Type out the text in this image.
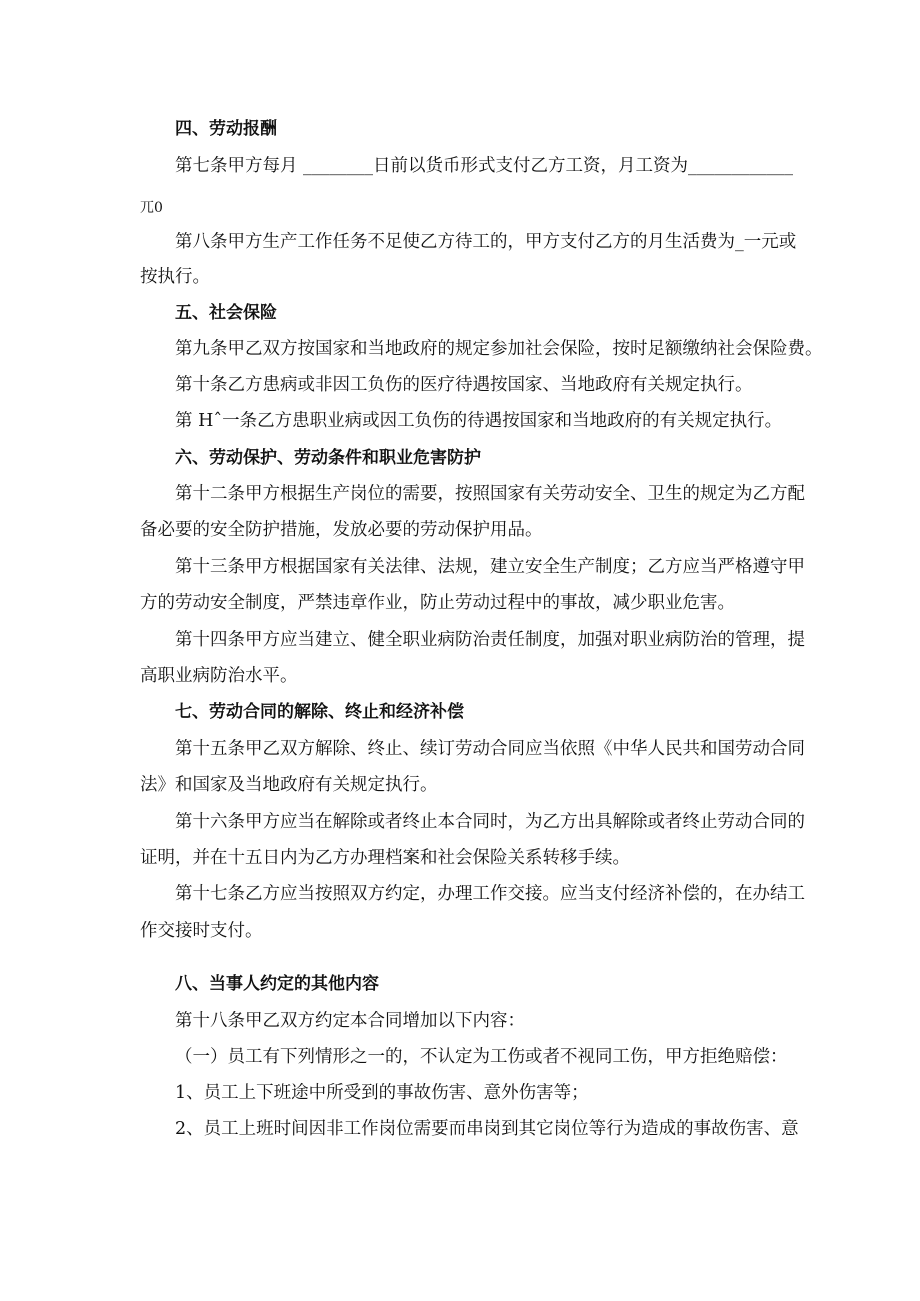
四、劳动报酬
第七条甲方每月 ________日前以货币形式支付乙方工资，月工资为____________
兀0
第八条甲方生产工作任务不足使乙方待工的，甲方支付乙方的月生活费为_一元或
按执行。
五、社会保险
第九条甲乙双方按国家和当地政府的规定参加社会保险，按时足额缴纳社会保险费。
第十条乙方患病或非因工负伤的医疗待遇按国家、当地政府有关规定执行。
第 Hˆ一条乙方患职业病或因工负伤的待遇按国家和当地政府的有关规定执行。
六、劳动保护、劳动条件和职业危害防护
第十二条甲方根据生产岗位的需要，按照国家有关劳动安全、卫生的规定为乙方配
备必要的安全防护措施，发放必要的劳动保护用品。
第十三条甲方根据国家有关法律、法规，建立安全生产制度；乙方应当严格遵守甲
方的劳动安全制度，严禁违章作业，防止劳动过程中的事故，减少职业危害。
第十四条甲方应当建立、健全职业病防治责任制度，加强对职业病防治的管理，提
高职业病防治水平。
七、劳动合同的解除、终止和经济补偿
第十五条甲乙双方解除、终止、续订劳动合同应当依照《中华人民共和国劳动合同
法》和国家及当地政府有关规定执行。
第十六条甲方应当在解除或者终止本合同时，为乙方出具解除或者终止劳动合同的
证明，并在十五日内为乙方办理档案和社会保险关系转移手续。
第十七条乙方应当按照双方约定，办理工作交接。应当支付经济补偿的，在办结工
作交接时支付。
八、当事人约定的其他内容
第十八条甲乙双方约定本合同增加以下内容：
（一）员工有下列情形之一的，不认定为工伤或者不视同工伤，甲方拒绝赔偿：
1、员工上下班途中所受到的事故伤害、意外伤害等；
2、员工上班时间因非工作岗位需要而串岗到其它岗位等行为造成的事故伤害、意
